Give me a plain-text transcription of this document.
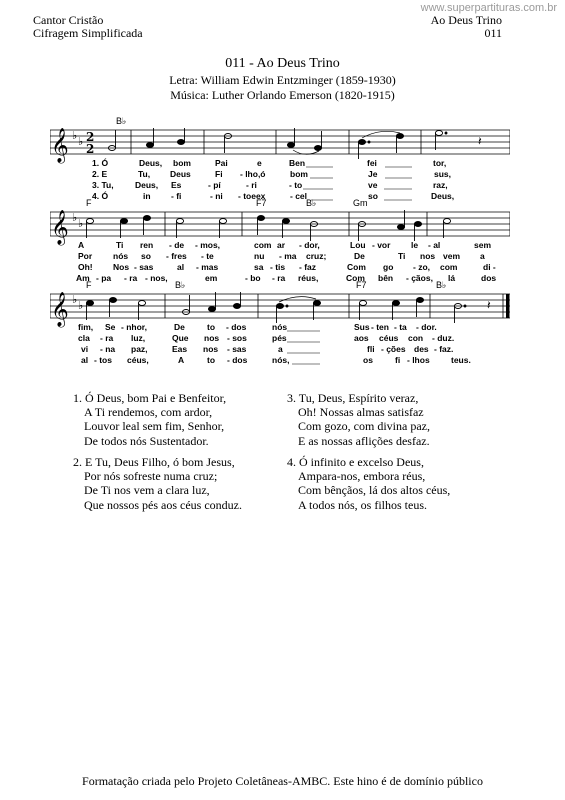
www.superpartituras.com.br
Cantor Cristão
Cifragem Simplificada
Ao Deus Trino
011
011 - Ao Deus Trino
Letra: William Edwin Entzminger (1859-1930)
Música: Luther Orlando Emerson (1820-1915)
B♭
𝄞 ♭ ♭ 2
2
𝄽
1. Ó	Deus, bom	Pai	e	Ben	fei	tor,
2. E	Tu, Deus	Fi - lho,ó	bom	Je	sus,
3. Tu,	Deus, Es	- pí	- ri	- to	ve	raz,
4. Ó	in - fi	- ni - toeex	- cel	so	Deus,
F	F7	B♭	Gm
𝄞 ♭ ♭
A	Ti ren - de - mos,	com ar - dor,	Lou - vor le - al	sem
Por nós so - fres - te	nu - ma cruz;	De	Ti nos vem a
Oh! Nos - sas	al - mas	sa - tis - faz	Com go - zo, com	di -
Am - pa - ra - nos,	em	- bo - ra réus,	Com bên - çãos, lá	dos
F	B♭	F7	B♭
𝄞 ♭ ♭	𝄽
fim, Se - nhor,	De	to - dos	nós	Sus - ten - ta - dor.
cla - ra luz,	Que nos - sos	pés	aos céus con - duz.
vi - na paz,	Eas nos - sas	a	fli - ções des - faz.
al - tos céus,	A	to - dos	nós,	os	fi - lhos	teus.
1. Ó Deus, bom Pai e Benfeitor,
A Ti rendemos, com ardor,
Louvor leal sem fim, Senhor,
De todos nós Sustentador.
2. E Tu, Deus Filho, ó bom Jesus,
Por nós sofreste numa cruz;
De Ti nos vem a clara luz,
Que nossos pés aos céus conduz.
3. Tu, Deus, Espírito veraz,
Oh! Nossas almas satisfaz
Com gozo, com divina paz,
E as nossas aflições desfaz.
4. Ó infinito e excelso Deus,
Ampara-nos, embora réus,
Com bênçãos, lá dos altos céus,
A todos nós, os filhos teus.
Formatação criada pelo Projeto Coletâneas-AMBC. Este hino é de domínio público
